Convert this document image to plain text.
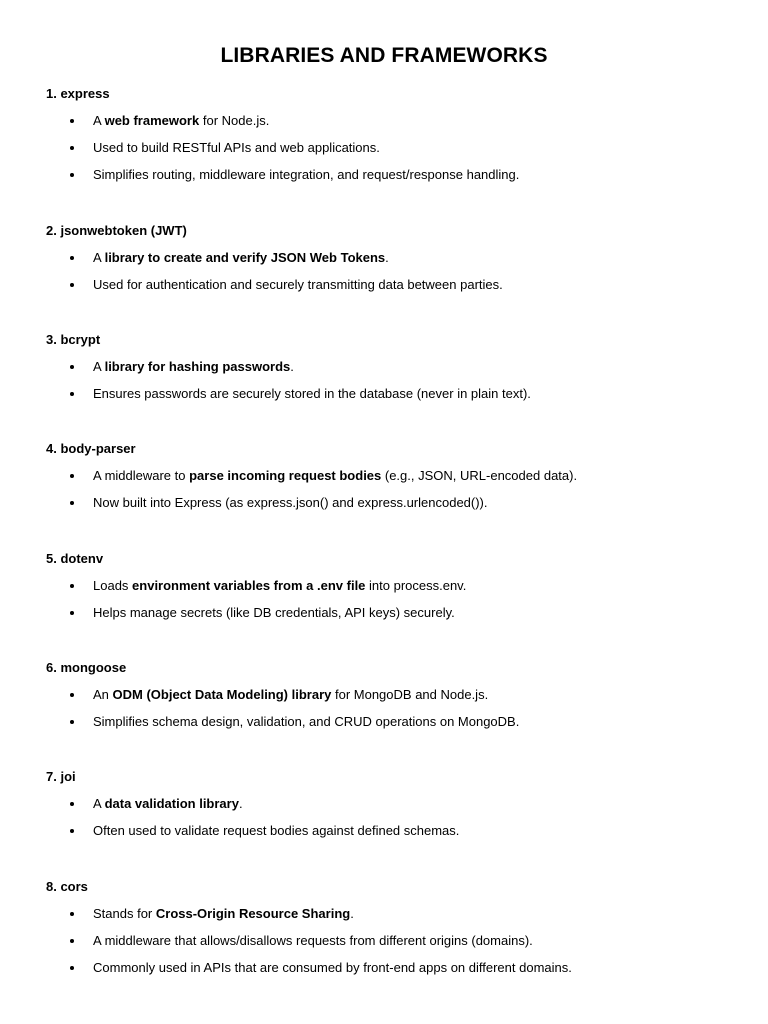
LIBRARIES AND FRAMEWORKS
1. express
A web framework for Node.js.
Used to build RESTful APIs and web applications.
Simplifies routing, middleware integration, and request/response handling.
2. jsonwebtoken (JWT)
A library to create and verify JSON Web Tokens.
Used for authentication and securely transmitting data between parties.
3. bcrypt
A library for hashing passwords.
Ensures passwords are securely stored in the database (never in plain text).
4. body-parser
A middleware to parse incoming request bodies (e.g., JSON, URL-encoded data).
Now built into Express (as express.json() and express.urlencoded()).
5. dotenv
Loads environment variables from a .env file into process.env.
Helps manage secrets (like DB credentials, API keys) securely.
6. mongoose
An ODM (Object Data Modeling) library for MongoDB and Node.js.
Simplifies schema design, validation, and CRUD operations on MongoDB.
7. joi
A data validation library.
Often used to validate request bodies against defined schemas.
8. cors
Stands for Cross-Origin Resource Sharing.
A middleware that allows/disallows requests from different origins (domains).
Commonly used in APIs that are consumed by front-end apps on different domains.
